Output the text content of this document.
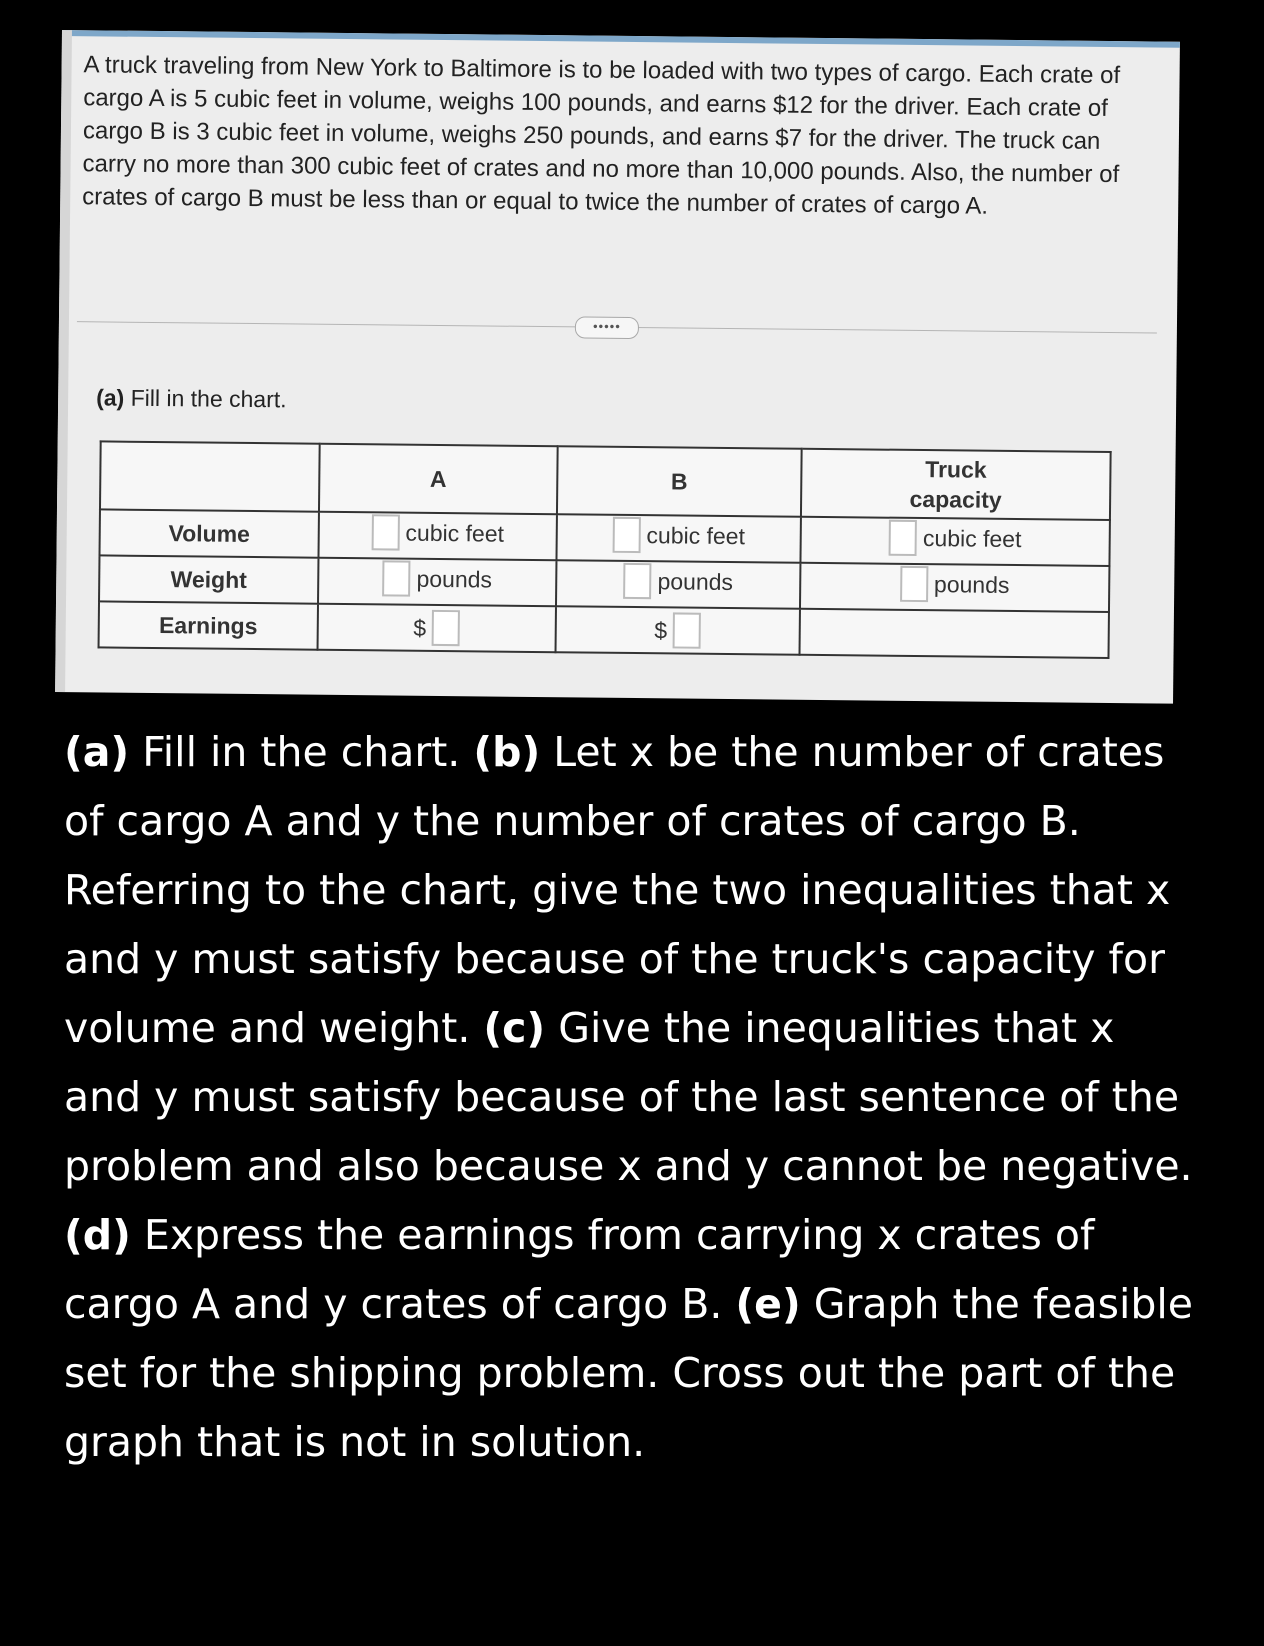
A truck traveling from New York to Baltimore is to be loaded with two types of cargo. Each crate of cargo A is 5 cubic feet in volume, weighs 100 pounds, and earns $12 for the driver. Each crate of cargo B is 3 cubic feet in volume, weighs 250 pounds, and earns $7 for the driver. The truck can carry no more than 300 cubic feet of crates and no more than 10,000 pounds. Also, the number of crates of cargo B must be less than or equal to twice the number of crates of cargo A.

•••••
(a) Fill in the chart.
	A	B	Truck
capacity
Volume	cubic feet	cubic feet	cubic feet

Weight	pounds	pounds	pounds

Earnings	$	$	

(a) Fill in the chart. (b) Let x be the number of crates of cargo A and y the number of crates of cargo B. Referring to the chart, give the two inequalities that x and y must satisfy because of the truck's capacity for volume and weight. (c) Give the inequalities that x and y must satisfy because of the last sentence of the problem and also because x and y cannot be negative. (d) Express the earnings from carrying x crates of cargo A and y crates of cargo B. (e) Graph the feasible set for the shipping problem. Cross out the part of the graph that is not in solution.
